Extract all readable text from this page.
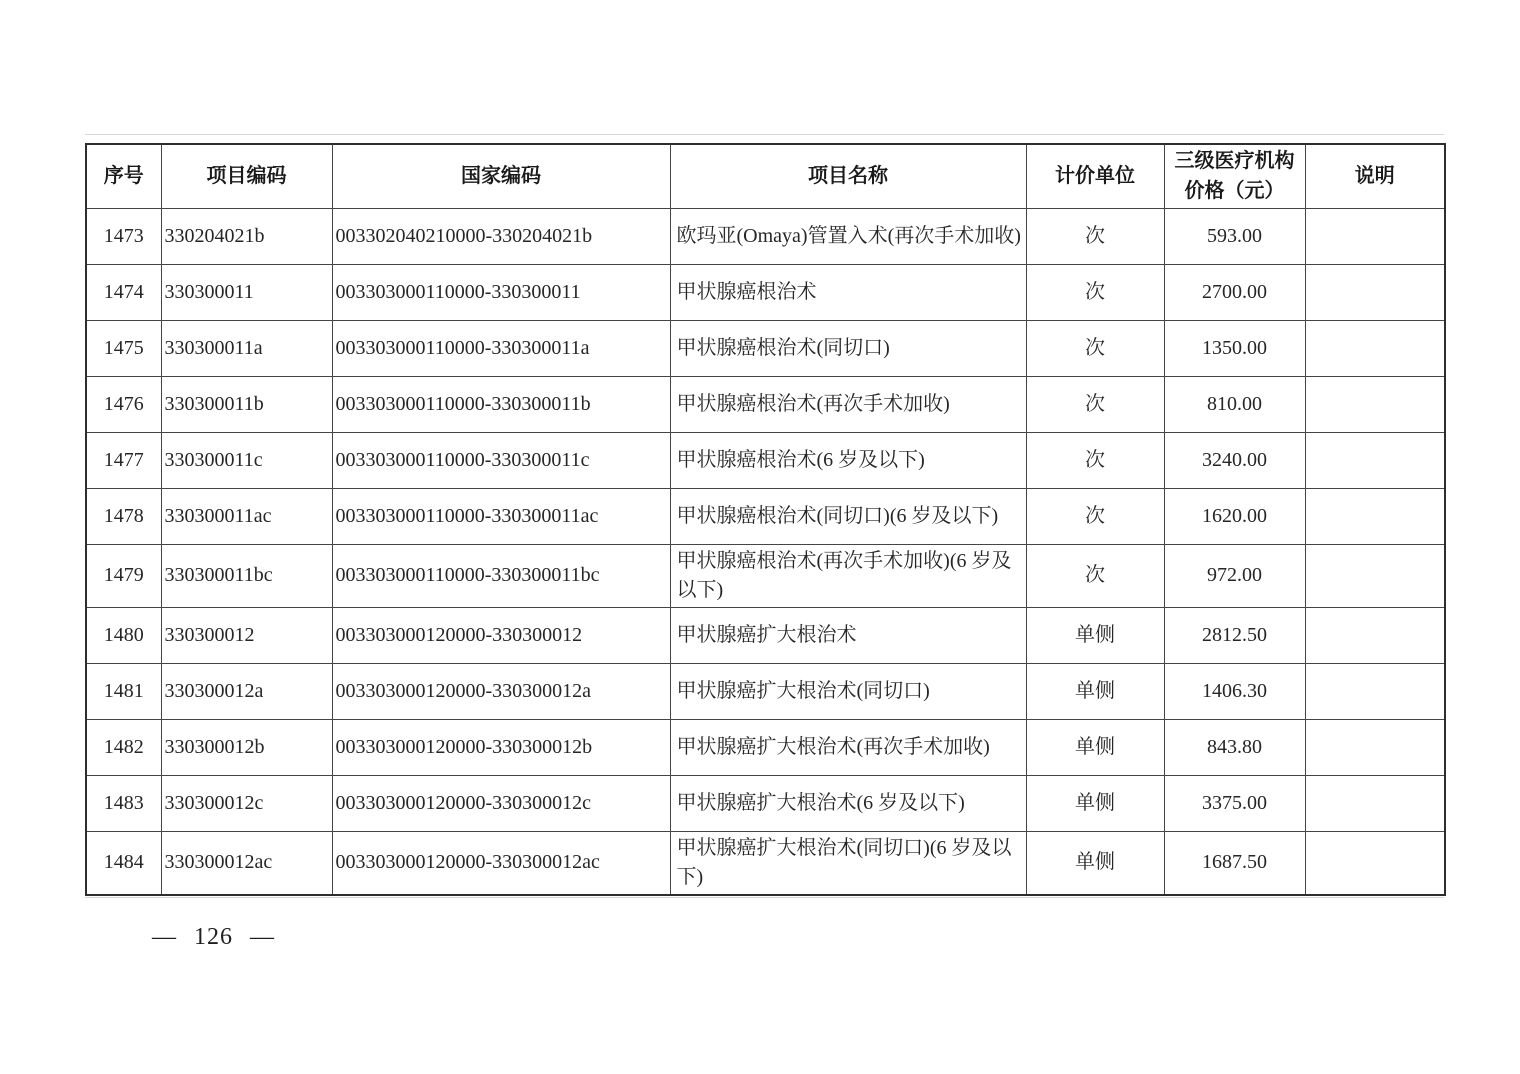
序号	项目编码	国家编码	项目名称	计价单位	三级医疗机构价格（元）	说明
1473	330204021b	003302040210000-330204021b	欧玛亚(Omaya)管置入术(再次手术加收)	次	593.00	
1474	330300011	003303000110000-330300011	甲状腺癌根治术	次	2700.00	
1475	330300011a	003303000110000-330300011a	甲状腺癌根治术(同切口)	次	1350.00	
1476	330300011b	003303000110000-330300011b	甲状腺癌根治术(再次手术加收)	次	810.00	
1477	330300011c	003303000110000-330300011c	甲状腺癌根治术(6 岁及以下)	次	3240.00	
1478	330300011ac	003303000110000-330300011ac	甲状腺癌根治术(同切口)(6 岁及以下)	次	1620.00	
1479	330300011bc	003303000110000-330300011bc	甲状腺癌根治术(再次手术加收)(6 岁及以下)	次	972.00	
1480	330300012	003303000120000-330300012	甲状腺癌扩大根治术	单侧	2812.50	
1481	330300012a	003303000120000-330300012a	甲状腺癌扩大根治术(同切口)	单侧	1406.30	
1482	330300012b	003303000120000-330300012b	甲状腺癌扩大根治术(再次手术加收)	单侧	843.80	
1483	330300012c	003303000120000-330300012c	甲状腺癌扩大根治术(6 岁及以下)	单侧	3375.00	
1484	330300012ac	003303000120000-330300012ac	甲状腺癌扩大根治术(同切口)(6 岁及以下)	单侧	1687.50	
— 126 —
